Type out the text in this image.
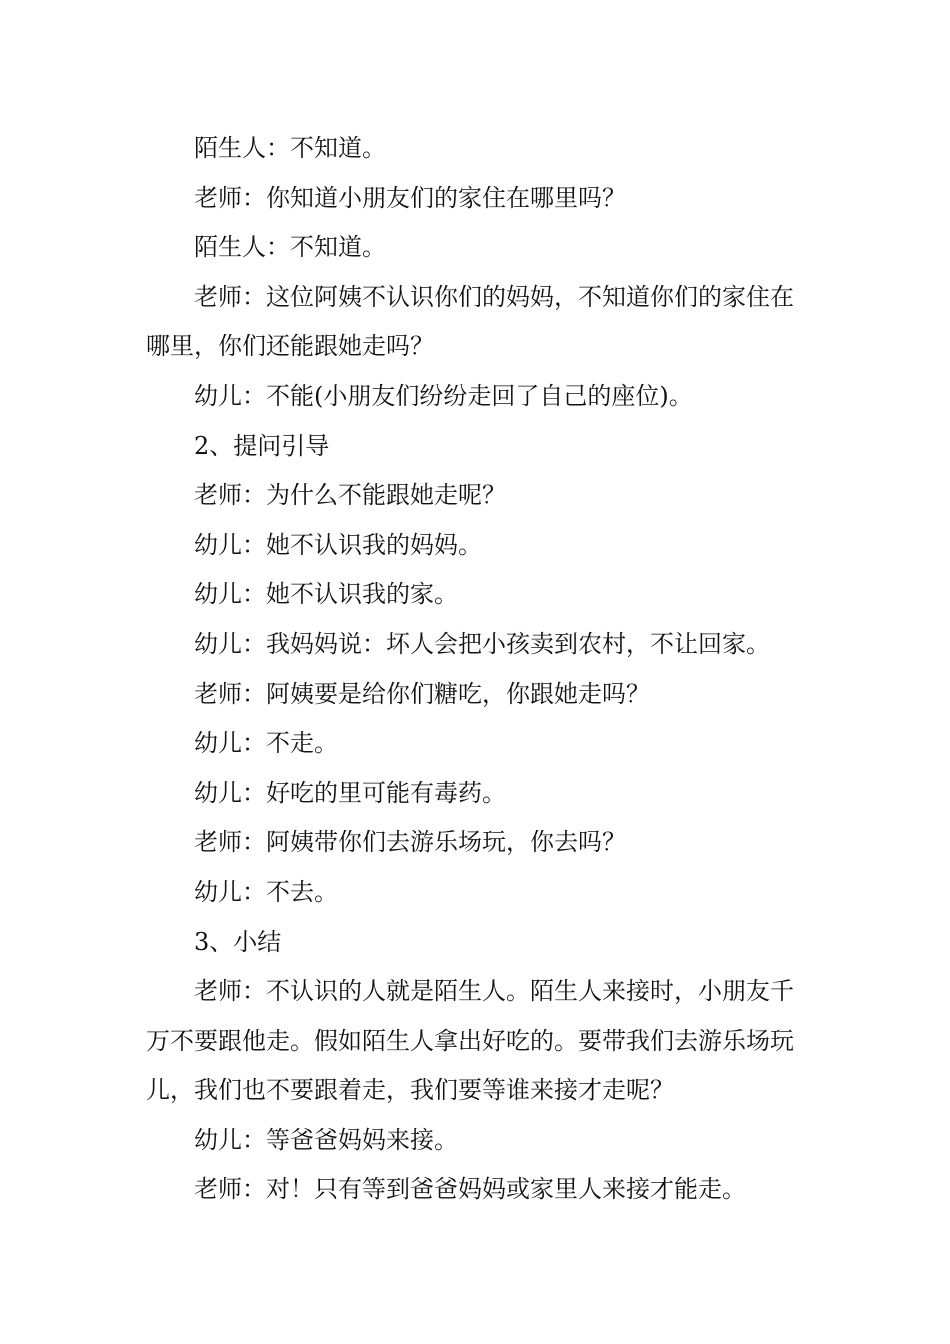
陌生人：不知道。

老师：你知道小朋友们的家住在哪里吗？

陌生人：不知道。

老师：这位阿姨不认识你们的妈妈，不知道你们的家住在哪里，你们还能跟她走吗？

幼儿：不能(小朋友们纷纷走回了自己的座位)。

2、提问引导

老师：为什么不能跟她走呢？

幼儿：她不认识我的妈妈。

幼儿：她不认识我的家。

幼儿：我妈妈说：坏人会把小孩卖到农村，不让回家。

老师：阿姨要是给你们糖吃，你跟她走吗？

幼儿：不走。

幼儿：好吃的里可能有毒药。

老师：阿姨带你们去游乐场玩，你去吗？

幼儿：不去。

3、小结

老师：不认识的人就是陌生人。陌生人来接时，小朋友千万不要跟他走。假如陌生人拿出好吃的。要带我们去游乐场玩儿，我们也不要跟着走，我们要等谁来接才走呢？

幼儿：等爸爸妈妈来接。

老师：对！只有等到爸爸妈妈或家里人来接才能走。
